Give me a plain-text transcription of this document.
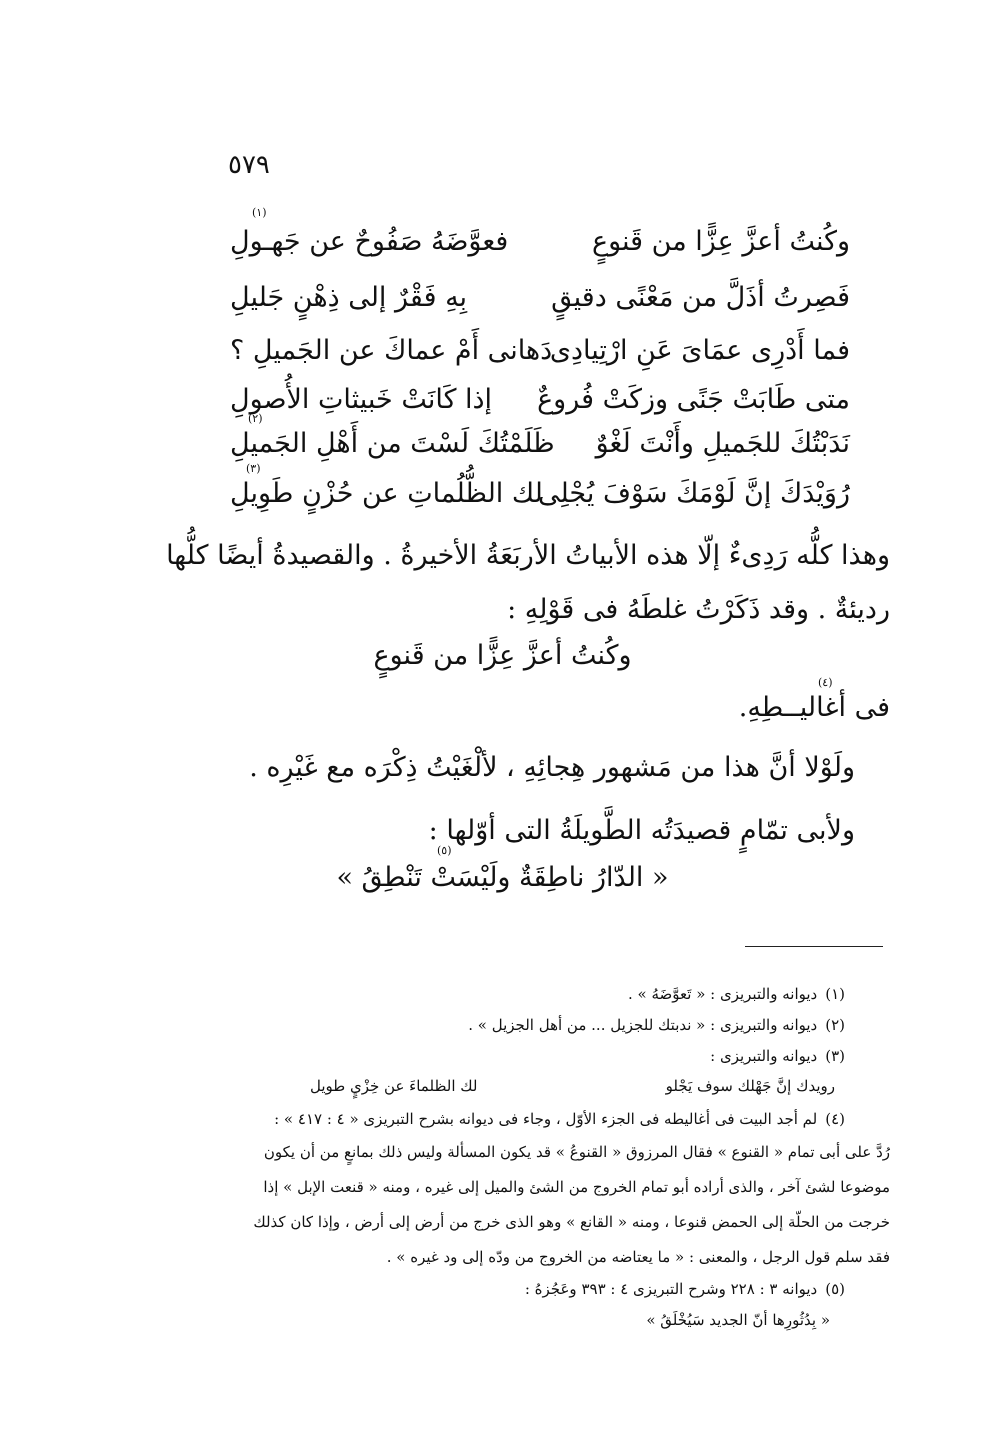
٥٧٩
وكُنتُ أعزَّ عِزًّا من قَنوعٍ
فعوَّضَهُ صَفُوحٌ عن جَهـولِ
(١)
فَصِرتُ أذَلَّ من مَعْنًى دقيقٍ
بِهِ فَقْرٌ إلى ذِهْنٍ جَليلِ
فما أَدْرِى عمَاىَ عَنِ ارْتِيادِى
دَهانى أَمْ عماكَ عن الجَميلِ ؟
متى طَابَتْ جَنًى وزكَتْ فُروعٌ
إذا كَانَتْ خَبيثاتِ الأُصولِ
نَدَبْتُكَ للجَميلِ وأَنْتَ لَغْوٌ
ظَلَمْتُكَ لَسْتَ من أَهْلِ الجَميلِ
(٢)
رُوَيْدَكَ إنَّ لَوْمَكَ سَوْفَ يُجْلِى
لك الظُّلُماتِ عن حُزْنٍ طَوِيلِ
(٣)
وهذا كلُّه رَدِىءٌ إلّا هذه الأبياتُ الأربَعَةُ الأخيرةُ . والقصيدةُ أيضًا كلُّها
رديئةٌ . وقد ذَكَرْتُ غلطَهُ فى قَوْلِهِ :
وكُنتُ أعزَّ عِزًّا من قَنوعٍ
فى أغاليــطِهِ.
(٤)
ولَوْلا أنَّ هذا من مَشهور هِجائِهِ ، لألْغَيْتُ ذِكْرَه مع غَيْرِه .
ولأبى تمّامٍ قصيدَتُه الطَّويلَةُ التى أوّلها :
« الدّارُ ناطِقَةٌ ولَيْسَتْ تَنْطِقُ »
(٥)
(١)ديوانه والتبريزى : « تَعوَّضَهُ » .
(٢)ديوانه والتبريزى : « ندبتك للجزيل ... من أهل الجزيل » .
(٣)ديوانه والتبريزى :
رويدك إنَّ جَهْلك سوف يَجْلو
لك الظلماءَ عن خِزْيٍ طويل
(٤)لم أجد البيت فى أغاليطه فى الجزء الأوّل ، وجاء فى ديوانه بشرح التبريزى « ٤ : ٤١٧ » :
رُدَّ على أبى تمام « القنوع » فقال المرزوق « القنوعُ » قد يكون المسألة وليس ذلك بمانعٍ من أن يكون
موضوعا لشئ آخر ، والذى أراده أبو تمام الخروج من الشئ والميل إلى غيره ، ومنه « قنعت الإبل » إذا
خرجت من الحلّة إلى الحمض قنوعا ، ومنه « القانع » وهو الذى خرج من أرض إلى أرض ، وإذا كان كذلك
فقد سلم قول الرجل ، والمعنى : « ما يعتاضه من الخروج من ودّه إلى ود غيره » .
(٥)ديوانه ٣ : ٢٢٨ وشرح التبريزى ٤ : ٣٩٣ وعَجُزهُ :
« بِدُثُورِها أنّ الجديد سَيُخْلَقُ »
